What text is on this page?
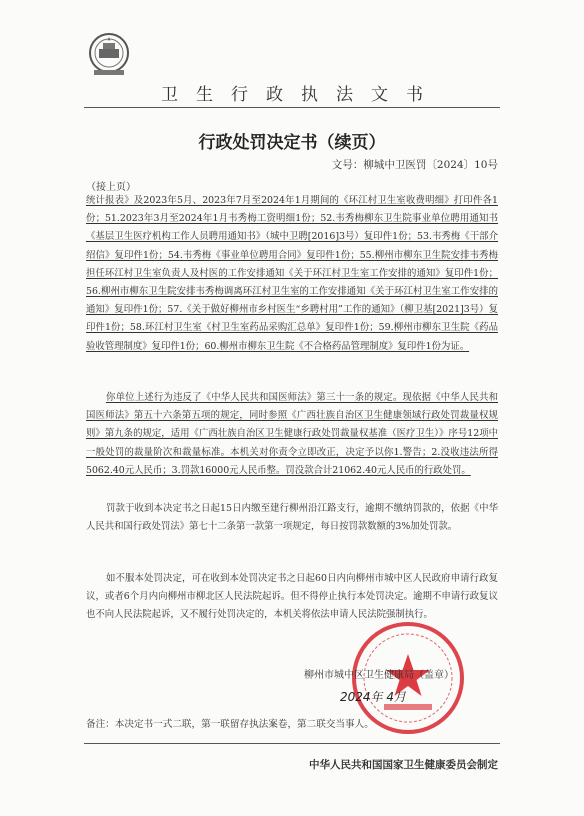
卫生行政执法文书
行政处罚决定书（续页）
文号：柳城中卫医罚〔2024〕10号
（接上页）

统计报表》及2023年5月、2023年7月至2024年1月期间的《环江村卫生室收费明细》打印件各1份；51.2023年3月至2024年1月韦秀梅工资明细1份；52.韦秀梅柳东卫生院事业单位聘用通知书《基层卫生医疗机构工作人员聘用通知书》（城中卫聘[2016]3号）复印件1份；53.韦秀梅《干部介绍信》复印件1份；54.韦秀梅《事业单位聘用合同》复印件1份；55.柳州市柳东卫生院安排韦秀梅担任环江村卫生室负责人及村医的工作安排通知《关于环江村卫生室工作安排的通知》复印件1份；56.柳州市柳东卫生院安排韦秀梅调离环江村卫生室的工作安排通知《关于环江村卫生室工作安排的通知》复印件1份；57.《关于做好柳州市乡村医生“乡聘村用”工作的通知》（柳卫基[2021]3号）复印件1份；58.环江村卫生室《村卫生室药品采购汇总单》复印件1份；59.柳州市柳东卫生院《药品验收管理制度》复印件1份；60.柳州市柳东卫生院《不合格药品管理制度》复印件1份为证。

你单位上述行为违反了《中华人民共和国医师法》第三十一条的规定。现依据《中华人民共和国医师法》第五十六条第五项的规定，同时参照《广西壮族自治区卫生健康领域行政处罚裁量权规则》第九条的规定，适用《广西壮族自治区卫生健康行政处罚裁量权基准（医疗卫生）》序号12项中一般处罚的裁量阶次和裁量标准。本机关对你责令立即改正，决定予以你1.警告；2.没收违法所得5062.40元人民币；3.罚款16000元人民币整。罚没款合计21062.40元人民币的行政处罚。

罚款于收到本决定书之日起15日内缴至建行柳州沿江路支行，逾期不缴纳罚款的，依据《中华人民共和国行政处罚法》第七十二条第一款第一项规定，每日按罚款数额的3%加处罚款。

如不服本处罚决定，可在收到本处罚决定书之日起60日内向柳州市城中区人民政府申请行政复议，或者6个月内向柳州市柳北区人民法院起诉。但不得停止执行本处罚决定。逾期不申请行政复议也不向人民法院起诉，又不履行处罚决定的，本机关将依法申请人民法院强制执行。

柳州市城中区卫生健康局（盖章）
2024年 4月
备注：本决定书一式二联，第一联留存执法案卷，第二联交当事人。
中华人民共和国国家卫生健康委员会制定
